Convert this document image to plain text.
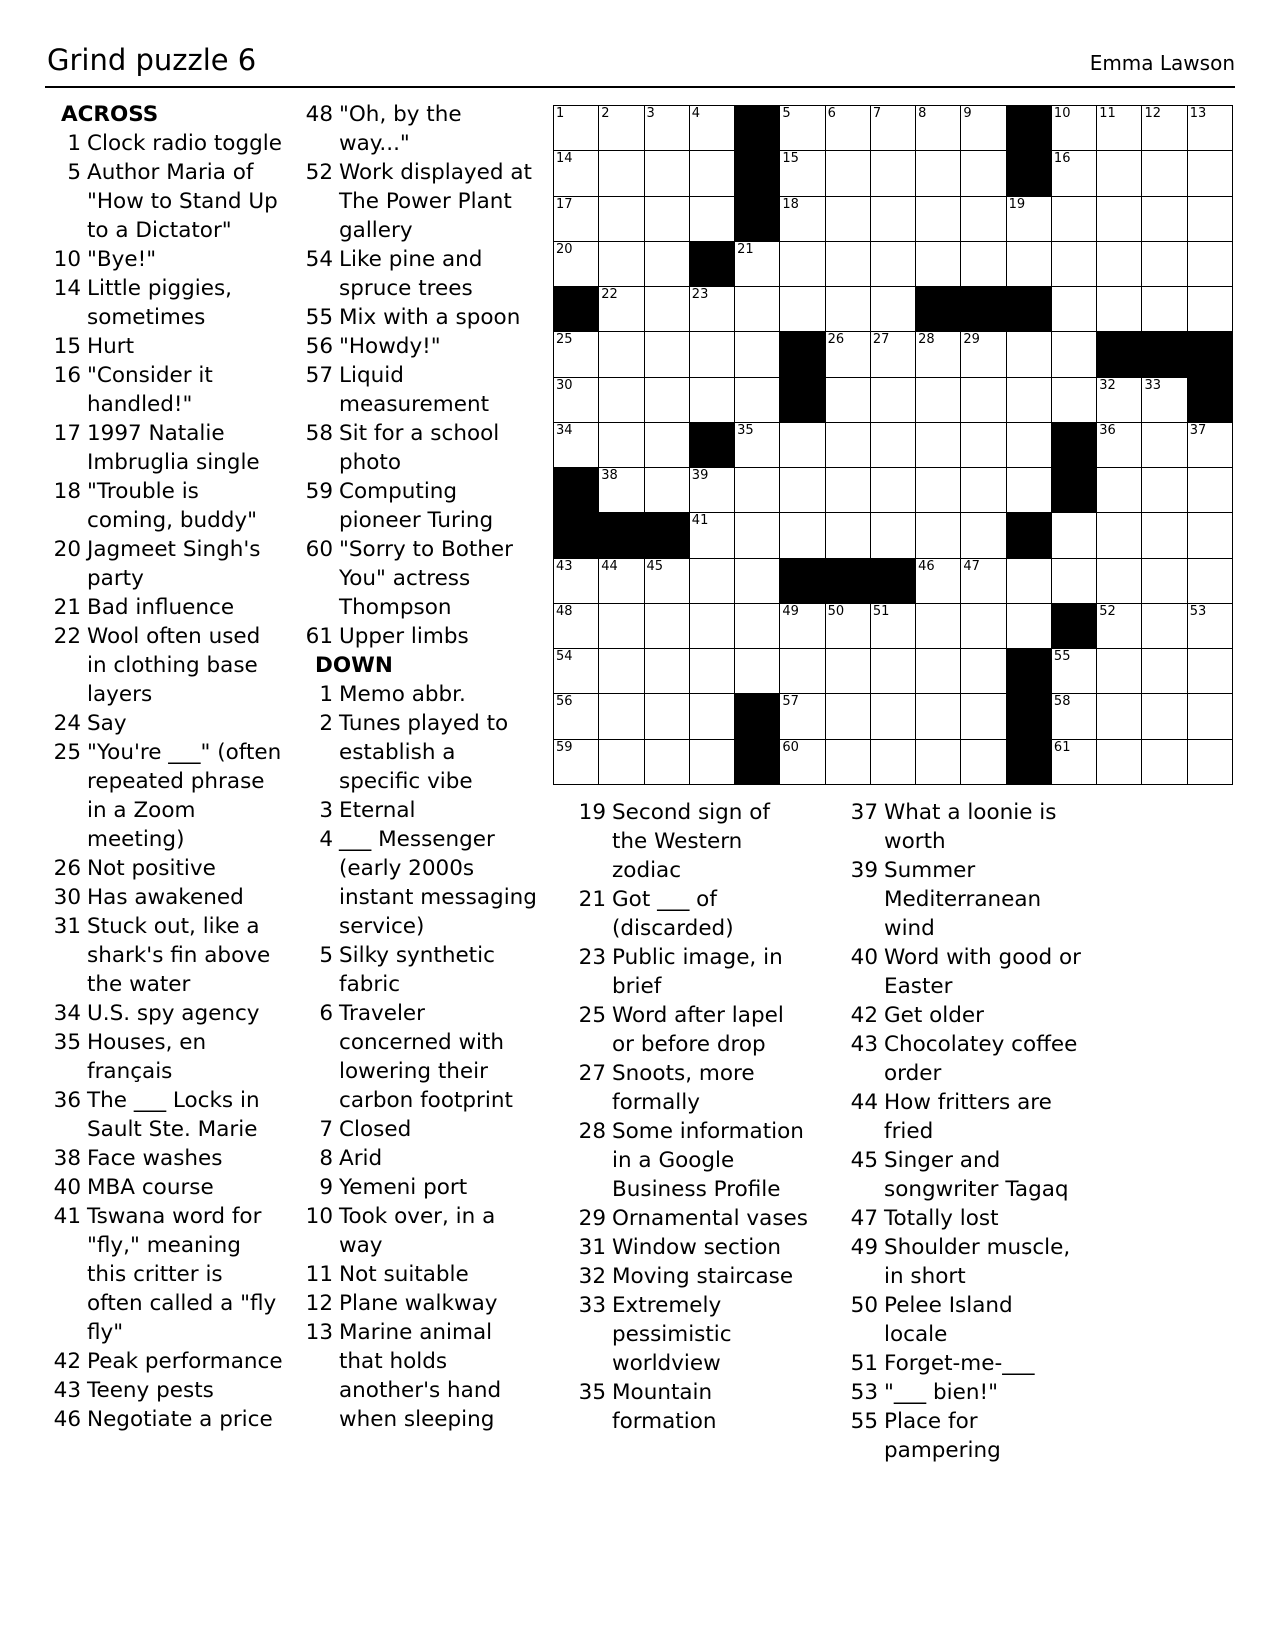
Grind puzzle 6	Emma Lawson
ACROSS
1 Clock radio toggle
5 Author Maria of "How to Stand Up to a Dictator"
10 "Bye!"
14 Little piggies, sometimes
15 Hurt
16 "Consider it handled!"
17 1997 Natalie Imbruglia single
18 "Trouble is coming, buddy"
20 Jagmeet Singh's party
21 Bad influence
22 Wool often used in clothing base layers
24 Say
25 "You're ___" (often repeated phrase in a Zoom meeting)
26 Not positive
30 Has awakened
31 Stuck out, like a shark's fin above the water
34 U.S. spy agency
35 Houses, en français
36 The ___ Locks in Sault Ste. Marie
38 Face washes
40 MBA course
41 Tswana word for "fly," meaning this critter is often called a "fly fly"
42 Peak performance
43 Teeny pests
46 Negotiate a price
48 "Oh, by the way..."
52 Work displayed at The Power Plant gallery
54 Like pine and spruce trees
55 Mix with a spoon
56 "Howdy!"
57 Liquid measurement
58 Sit for a school photo
59 Computing pioneer Turing
60 "Sorry to Bother You" actress Thompson
61 Upper limbs
DOWN
1 Memo abbr.
2 Tunes played to establish a specific vibe
3 Eternal
4 ___ Messenger (early 2000s instant messaging service)
5 Silky synthetic fabric
6 Traveler concerned with lowering their carbon footprint
7 Closed
8 Arid
9 Yemeni port
10 Took over, in a way
11 Not suitable
12 Plane walkway
13 Marine animal that holds another's hand when sleeping
19 Second sign of the Western zodiac
21 Got ___ of (discarded)
23 Public image, in brief
25 Word after lapel or before drop
27 Snoots, more formally
28 Some information in a Google Business Profile
29 Ornamental vases
31 Window section
32 Moving staircase
33 Extremely pessimistic worldview
35 Mountain formation
37 What a loonie is worth
39 Summer Mediterranean wind
40 Word with good or Easter
42 Get older
43 Chocolatey coffee order
44 How fritters are fried
45 Singer and songwriter Tagaq
47 Totally lost
49 Shoulder muscle, in short
50 Pelee Island locale
51 Forget-me-___
53 "___ bien!"
55 Place for pampering
1	2	3	4	5	6	7	8	9	10 11 12 13
14	15	16
17	18	19
20	21
22	23	24
25	26 27 28 29
30	31	32 33
34	35	36	37
38	39	40
41	42
43 44 45	46 47
48	49 50 51	52	53
54	55
56	57	58
59	60	61
